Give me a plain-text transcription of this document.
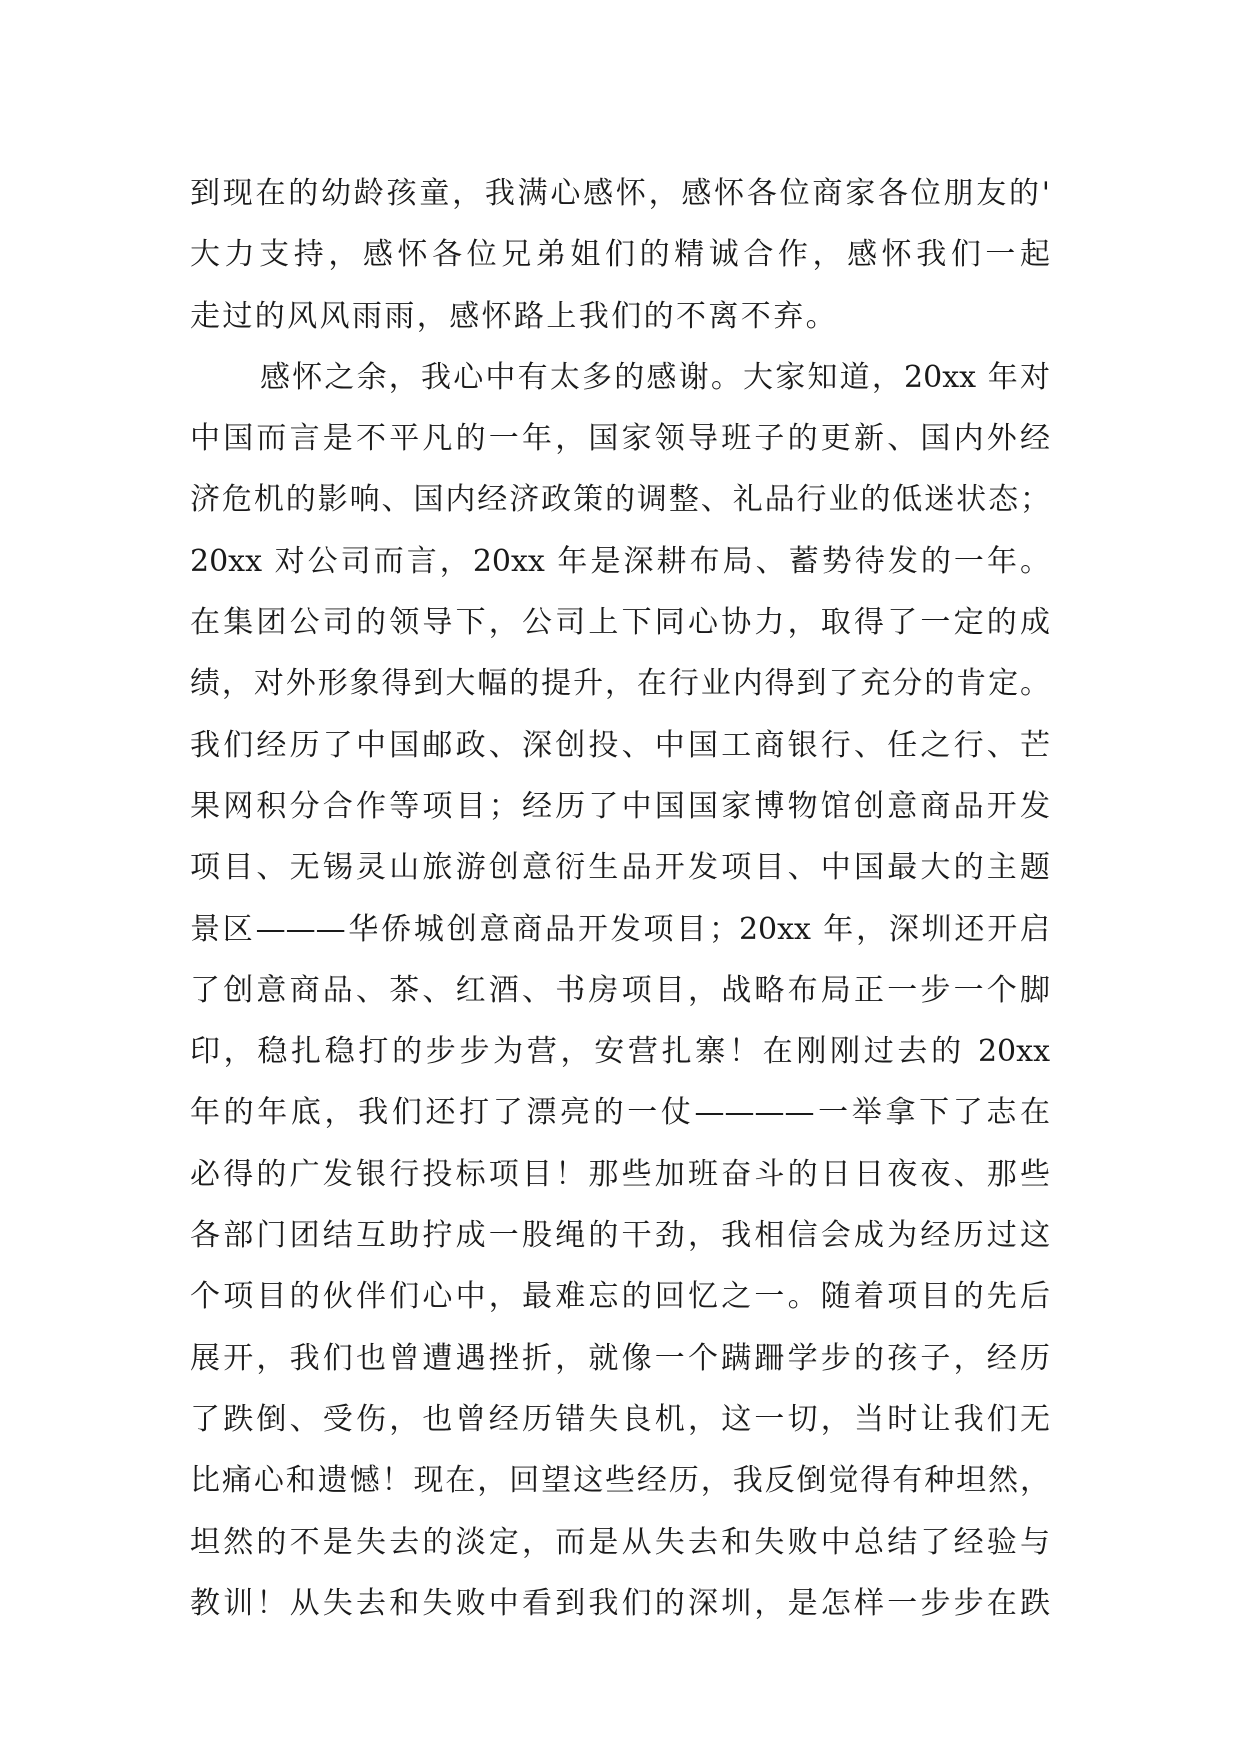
到现在的幼龄孩童，我满心感怀，感怀各位商家各位朋友的'
大力支持，感怀各位兄弟姐们的精诚合作，感怀我们一起
走过的风风雨雨，感怀路上我们的不离不弃。
感怀之余，我心中有太多的感谢。大家知道，20xx 年对
中国而言是不平凡的一年，国家领导班子的更新、国内外经
济危机的影响、国内经济政策的调整、礼品行业的低迷状态；
20xx 对公司而言，20xx 年是深耕布局、蓄势待发的一年。
在集团公司的领导下，公司上下同心协力，取得了一定的成
绩，对外形象得到大幅的提升，在行业内得到了充分的肯定。
我们经历了中国邮政、深创投、中国工商银行、任之行、芒
果网积分合作等项目；经历了中国国家博物馆创意商品开发
项目、无锡灵山旅游创意衍生品开发项目、中国最大的主题
景区———华侨城创意商品开发项目；20xx 年，深圳还开启
了创意商品、茶、红酒、书房项目，战略布局正一步一个脚
印，稳扎稳打的步步为营，安营扎寨！在刚刚过去的 20xx
年的年底，我们还打了漂亮的一仗————一举拿下了志在
必得的广发银行投标项目！那些加班奋斗的日日夜夜、那些
各部门团结互助拧成一股绳的干劲，我相信会成为经历过这
个项目的伙伴们心中，最难忘的回忆之一。随着项目的先后
展开，我们也曾遭遇挫折，就像一个蹒跚学步的孩子，经历
了跌倒、受伤，也曾经历错失良机，这一切，当时让我们无
比痛心和遗憾！现在，回望这些经历，我反倒觉得有种坦然，
坦然的不是失去的淡定，而是从失去和失败中总结了经验与
教训！从失去和失败中看到我们的深圳，是怎样一步步在跌
